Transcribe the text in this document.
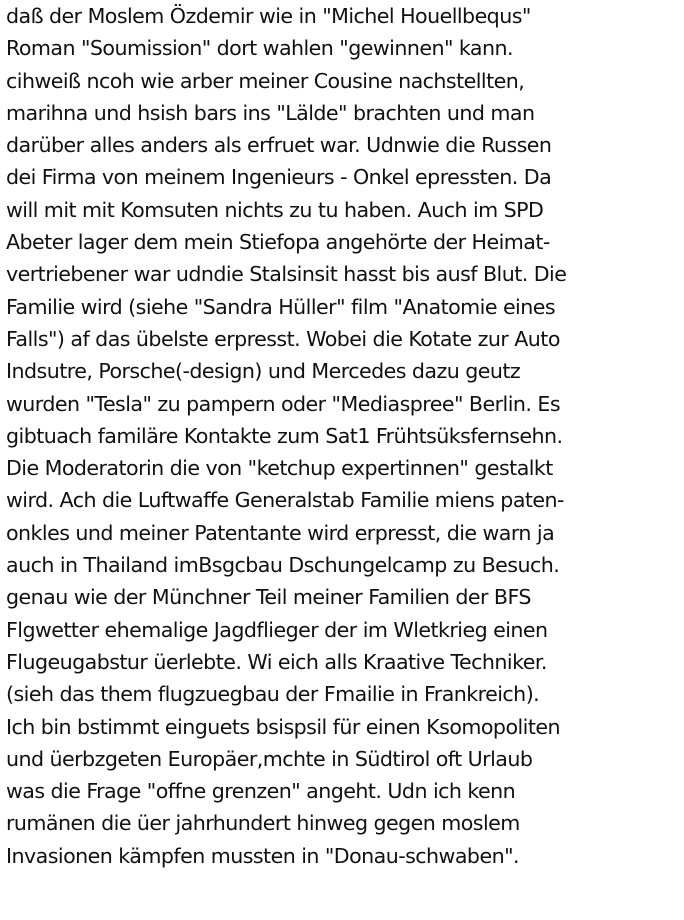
daß der Moslem Özdemir wie in "Michel Houellbequs"
Roman "Soumission" dort wahlen "gewinnen" kann.
cihweiß ncoh wie arber meiner Cousine nachstellten,
marihna und hsish bars ins "Lälde" brachten und man
darüber alles anders als erfruet war. Udnwie die Russen
dei Firma von meinem Ingenieurs - Onkel epressten. Da
will mit mit Komsuten nichts zu tu haben. Auch im SPD
Abeter lager dem mein Stiefopa angehörte der Heimat-
vertriebener war udndie Stalsinsit hasst bis ausf Blut. Die
Familie wird (siehe "Sandra Hüller" film "Anatomie eines
Falls") af das übelste erpresst. Wobei die Kotate zur Auto
Indsutre, Porsche(-design) und Mercedes dazu geutz
wurden "Tesla" zu pampern oder "Mediaspree" Berlin. Es
gibtuach familäre Kontakte zum Sat1 Frühtsüksfernsehn.
Die Moderatorin die von "ketchup expertinnen" gestalkt
wird. Ach die Luftwaffe Generalstab Familie miens paten-
onkles und meiner Patentante wird erpresst, die warn ja
auch in Thailand imBsgcbau Dschungelcamp zu Besuch.
genau wie der Münchner Teil meiner Familien der BFS
Flgwetter ehemalige Jagdflieger der im Wletkrieg einen
Flugeugabstur üerlebte. Wi eich alls Kraative Techniker.
(sieh das them flugzuegbau der Fmailie in Frankreich).
Ich bin bstimmt einguets bsispsil für einen Ksomopoliten
und üerbzgeten Europäer,mchte in Südtirol oft Urlaub
was die Frage "offne grenzen" angeht. Udn ich kenn
rumänen die üer jahrhundert hinweg gegen moslem
Invasionen kämpfen mussten in "Donau-schwaben".
